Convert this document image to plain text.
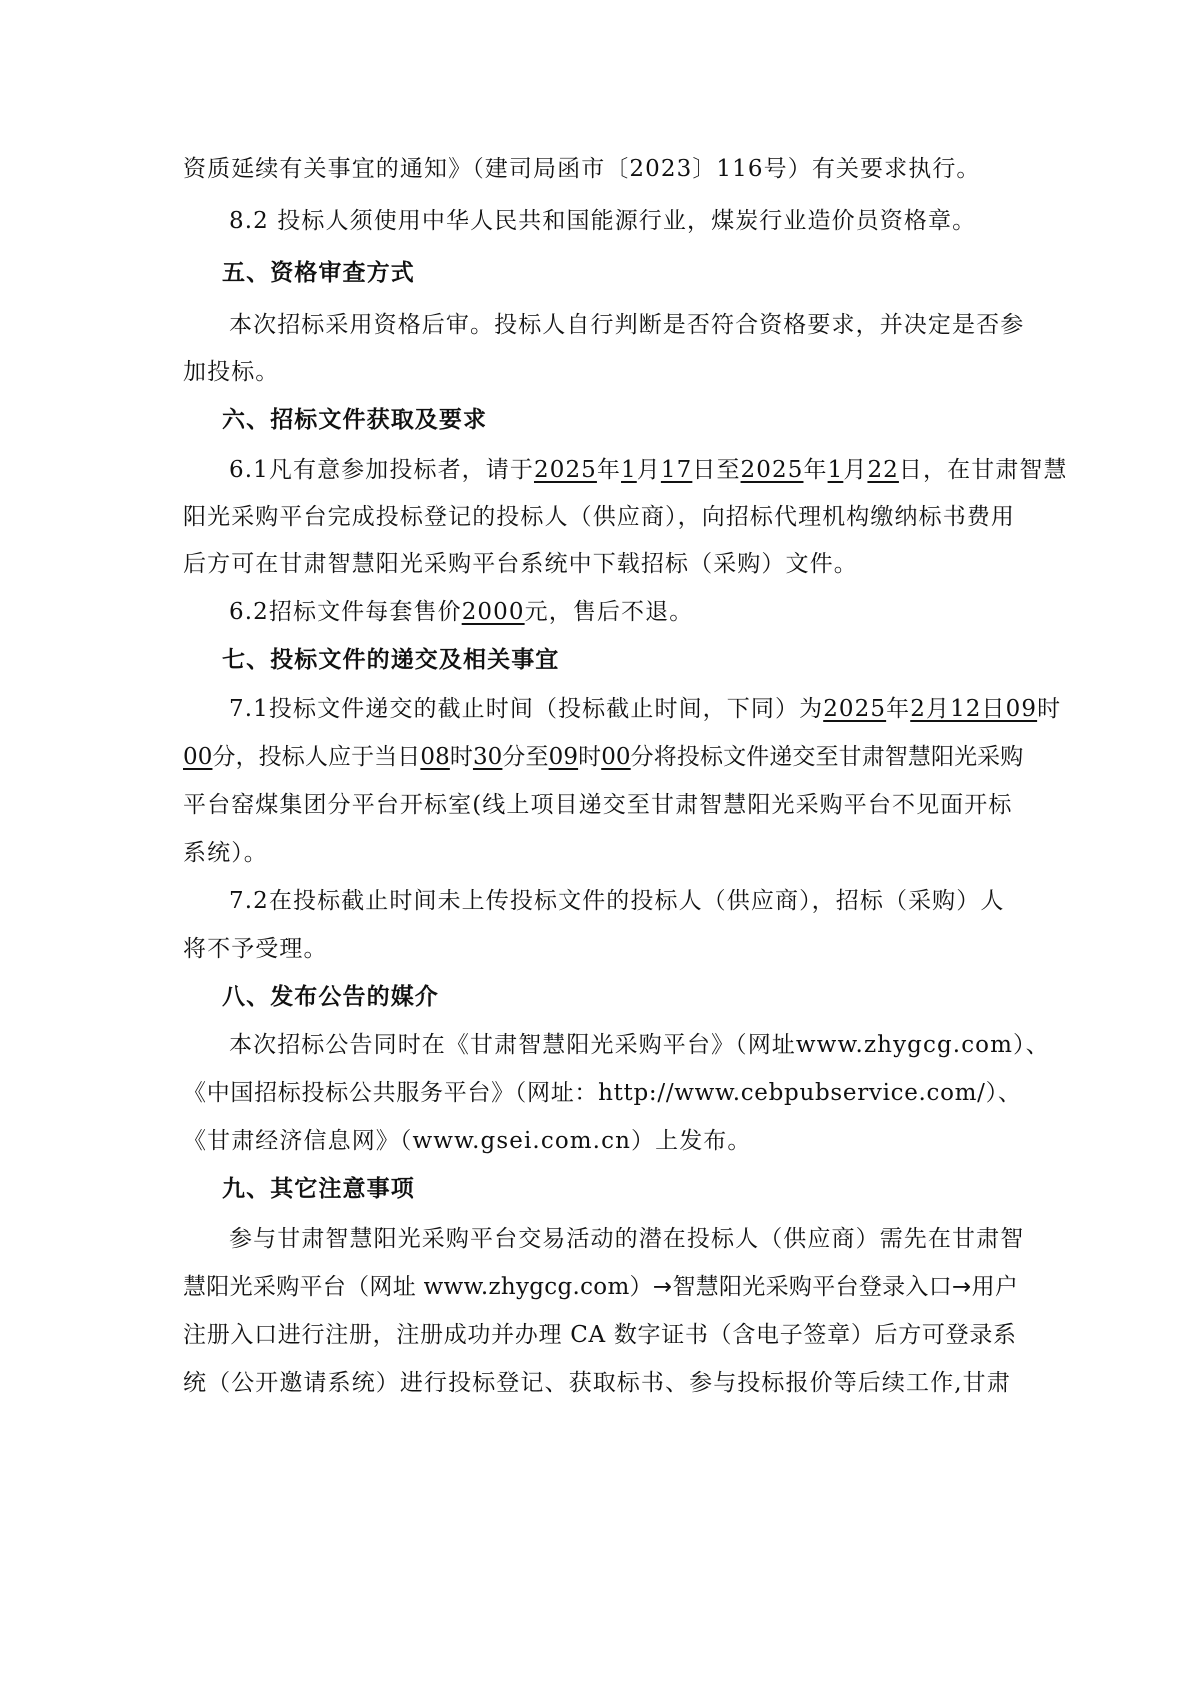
资质延续有关事宜的通知》（建司局函市〔2023〕116号）有关要求执行。
8.2 投标人须使用中华人民共和国能源行业，煤炭行业造价员资格章。
五、资格审查方式
本次招标采用资格后审。投标人自行判断是否符合资格要求，并决定是否参
加投标。
六、招标文件获取及要求
6.1凡有意参加投标者，请于2025年1月17日至2025年1月22日，在甘肃智慧
阳光采购平台完成投标登记的投标人（供应商），向招标代理机构缴纳标书费用
后方可在甘肃智慧阳光采购平台系统中下载招标（采购）文件。
6.2招标文件每套售价2000元，售后不退。
七、投标文件的递交及相关事宜
7.1投标文件递交的截止时间（投标截止时间，下同）为2025年2月12日09时
00分，投标人应于当日08时30分至09时00分将投标文件递交至甘肃智慧阳光采购
平台窑煤集团分平台开标室(线上项目递交至甘肃智慧阳光采购平台不见面开标
系统）。
7.2在投标截止时间未上传投标文件的投标人（供应商），招标（采购）人
将不予受理。
八、发布公告的媒介
本次招标公告同时在《甘肃智慧阳光采购平台》（网址www.zhygcg.com）、
《中国招标投标公共服务平台》（网址：http://www.cebpubservice.com/）、
《甘肃经济信息网》（www.gsei.com.cn）上发布。
九、其它注意事项
参与甘肃智慧阳光采购平台交易活动的潜在投标人（供应商）需先在甘肃智
慧阳光采购平台（网址 www.zhygcg.com）→智慧阳光采购平台登录入口→用户
注册入口进行注册，注册成功并办理 CA 数字证书（含电子签章）后方可登录系
统（公开邀请系统）进行投标登记、获取标书、参与投标报价等后续工作,甘肃
